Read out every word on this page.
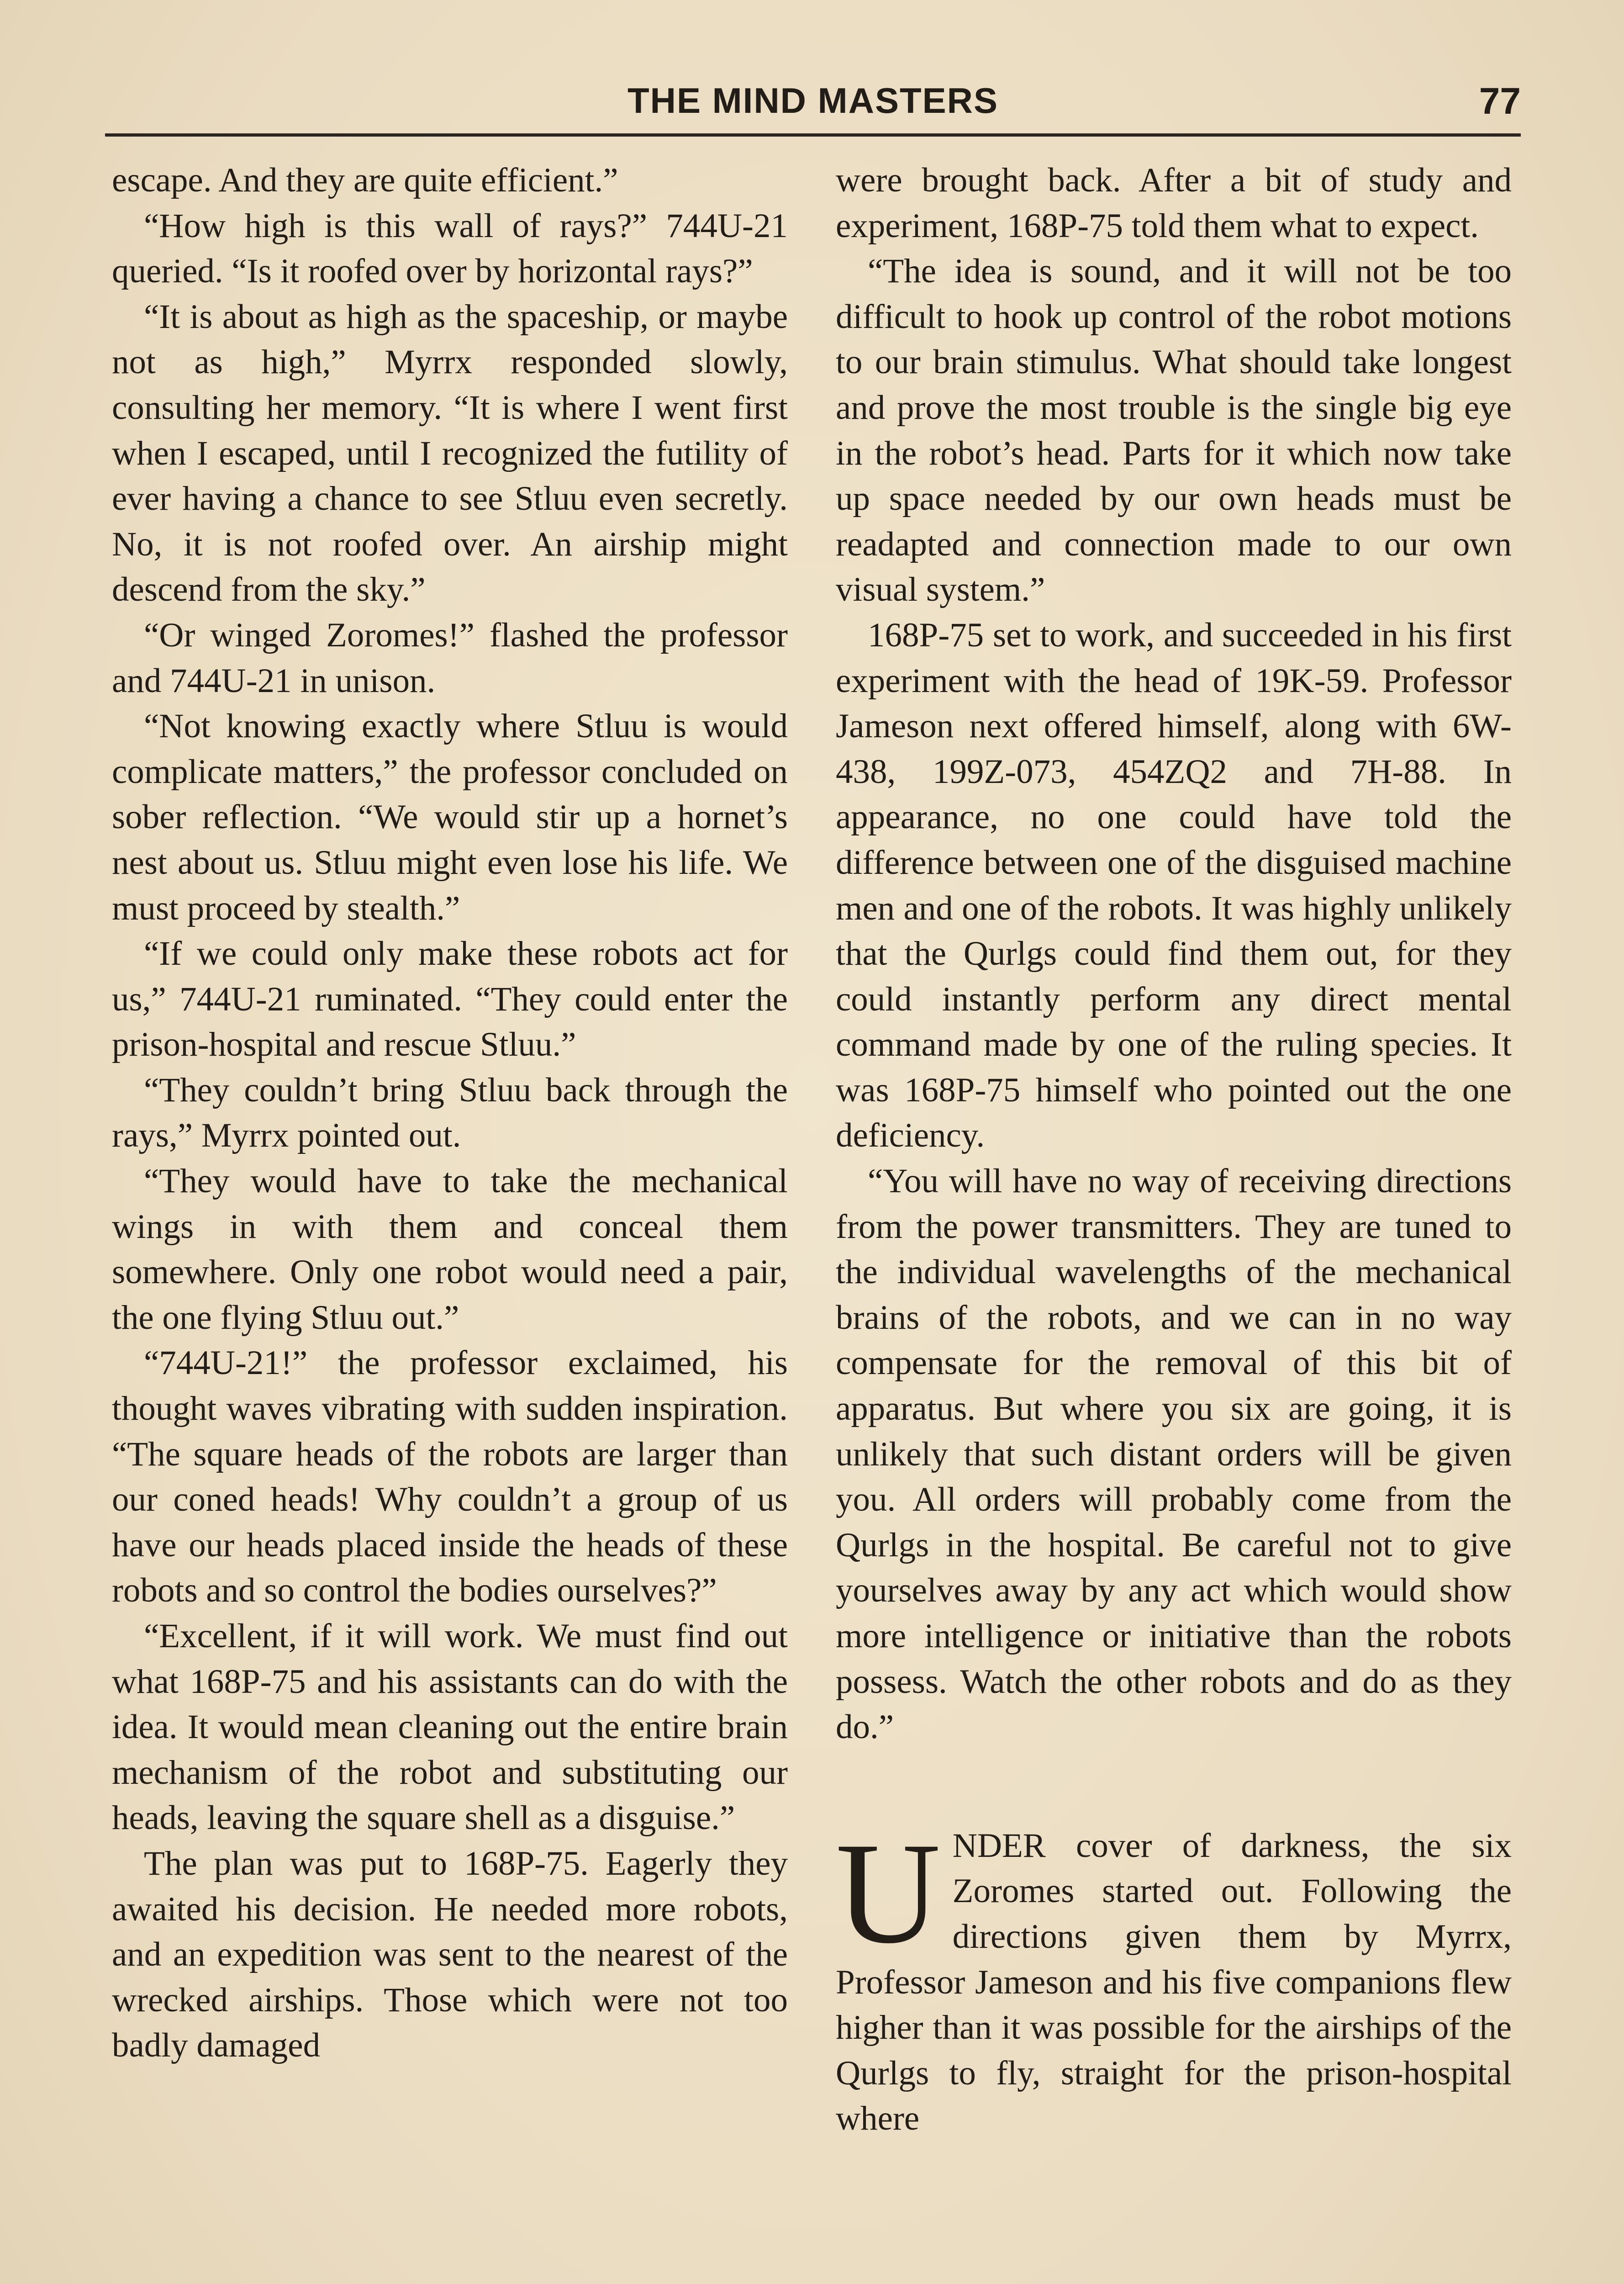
THE MIND MASTERS	77

escape. And they are quite efficient.”

“How high is this wall of rays?” 744U-21 queried. “Is it roofed over by horizontal rays?”

“It is about as high as the spaceship, or maybe not as high,” Myrrx responded slowly, consulting her memory. “It is where I went first when I escaped, until I recognized the futility of ever having a chance to see Stluu even secretly. No, it is not roofed over. An airship might descend from the sky.”

“Or winged Zoromes!” flashed the professor and 744U-21 in unison.

“Not knowing exactly where Stluu is would complicate matters,” the professor concluded on sober reflection. “We would stir up a hornet’s nest about us. Stluu might even lose his life. We must proceed by stealth.”

“If we could only make these robots act for us,” 744U-21 ruminated. “They could enter the prison-hospital and rescue Stluu.”

“They couldn’t bring Stluu back through the rays,” Myrrx pointed out.

“They would have to take the mechanical wings in with them and conceal them somewhere. Only one robot would need a pair, the one flying Stluu out.”

“744U-21!” the professor exclaimed, his thought waves vibrating with sudden inspiration. “The square heads of the robots are larger than our coned heads! Why couldn’t a group of us have our heads placed inside the heads of these robots and so control the bodies ourselves?”

“Excellent, if it will work. We must find out what 168P-75 and his assistants can do with the idea. It would mean cleaning out the entire brain mechanism of the robot and substituting our heads, leaving the square shell as a disguise.”

The plan was put to 168P-75. Eagerly they awaited his decision. He needed more robots, and an expedition was sent to the nearest of the wrecked airships. Those which were not too badly damaged

were brought back. After a bit of study and experiment, 168P-75 told them what to expect.

“The idea is sound, and it will not be too difficult to hook up control of the robot motions to our brain stimulus. What should take longest and prove the most trouble is the single big eye in the robot’s head. Parts for it which now take up space needed by our own heads must be readapted and connection made to our own visual system.”

168P-75 set to work, and succeeded in his first experiment with the head of 19K-59. Professor Jameson next offered himself, along with 6W-438, 199Z-073, 454ZQ2 and 7H-88. In appearance, no one could have told the difference between one of the disguised machine men and one of the robots. It was highly unlikely that the Qurlgs could find them out, for they could instantly perform any direct mental command made by one of the ruling species. It was 168P-75 himself who pointed out the one deficiency.

“You will have no way of receiving directions from the power transmitters. They are tuned to the individual wavelengths of the mechanical brains of the robots, and we can in no way compensate for the removal of this bit of apparatus. But where you six are going, it is unlikely that such distant orders will be given you. All orders will probably come from the Qurlgs in the hospital. Be careful not to give yourselves away by any act which would show more intelligence or initiative than the robots possess. Watch the other robots and do as they do.”

UNDER cover of darkness, the six Zoromes started out. Following the directions given them by Myrrx, Professor Jameson and his five companions flew higher than it was possible for the airships of the Qurlgs to fly, straight for the prison-hospital where
